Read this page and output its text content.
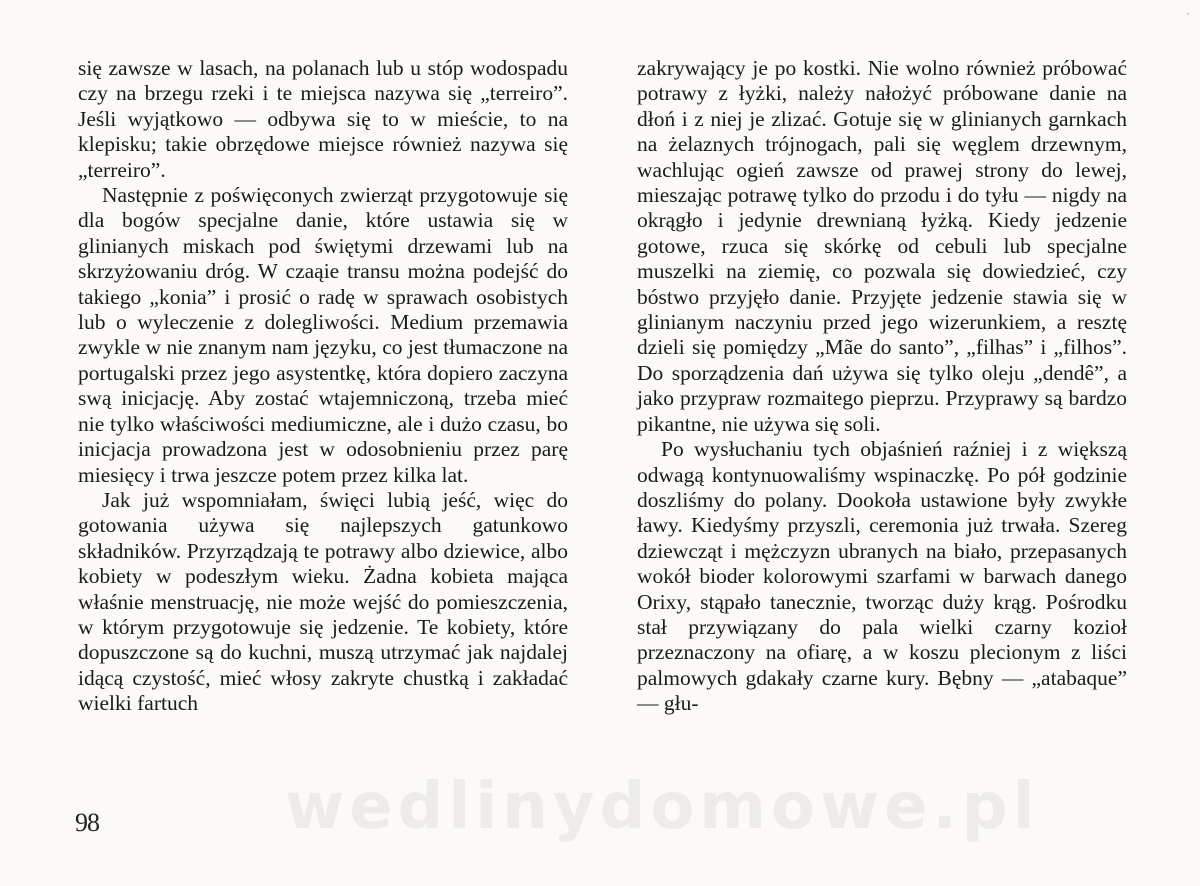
się zawsze w lasach, na polanach lub u stóp wodospadu czy na brzegu rzeki i te miejsca nazywa się „terreiro”. Jeśli wyjątkowo — odbywa się to w mieście, to na klepisku; takie obrzędowe miejsce również nazywa się „terreiro”.

Następnie z poświęconych zwierząt przygotowuje się dla bogów specjalne danie, które ustawia się w glinianych miskach pod świętymi drzewami lub na skrzyżowaniu dróg. W czaąie transu można podejść do takiego „konia” i prosić o radę w sprawach osobistych lub o wyleczenie z dolegliwości. Medium przemawia zwykle w nie znanym nam języku, co jest tłumaczone na portugalski przez jego asystentkę, która dopiero zaczyna swą inicjację. Aby zostać wtajemniczoną, trzeba mieć nie tylko właściwości mediumiczne, ale i dużo czasu, bo inicjacja prowadzona jest w odosobnieniu przez parę miesięcy i trwa jeszcze potem przez kilka lat.

Jak już wspomniałam, święci lubią jeść, więc do gotowania używa się najlepszych gatunkowo składników. Przyrządzają te potrawy albo dziewice, albo kobiety w podeszłym wieku. Żadna kobieta mająca właśnie menstruację, nie może wejść do pomieszczenia, w którym przygotowuje się jedzenie. Te kobiety, które dopuszczone są do kuchni, muszą utrzymać jak najdalej idącą czystość, mieć włosy zakryte chustką i zakładać wielki fartuch

zakrywający je po kostki. Nie wolno również próbować potrawy z łyżki, należy nałożyć próbowane danie na dłoń i z niej je zlizać. Gotuje się w glinianych garnkach na żelaznych trójnogach, pali się węglem drzewnym, wachlując ogień zawsze od prawej strony do lewej, mieszając potrawę tylko do przodu i do tyłu — nigdy na okrągło i jedynie drewnianą łyżką. Kiedy jedzenie gotowe, rzuca się skórkę od cebuli lub specjalne muszelki na ziemię, co pozwala się dowiedzieć, czy bóstwo przyjęło danie. Przyjęte jedzenie stawia się w glinianym naczyniu przed jego wizerunkiem, a resztę dzieli się pomiędzy „Mãe do santo”, „filhas” i „filhos”. Do sporządzenia dań używa się tylko oleju „dendê”, a jako przypraw rozmaitego pieprzu. Przyprawy są bardzo pikantne, nie używa się soli.

Po wysłuchaniu tych objaśnień raźniej i z większą odwagą kontynuowaliśmy wspinaczkę. Po pół godzinie doszliśmy do polany. Dookoła ustawione były zwykłe ławy. Kiedyśmy przyszli, ceremonia już trwała. Szereg dziewcząt i mężczyzn ubranych na biało, przepasanych wokół bioder kolorowymi szarfami w barwach danego Orixy, stąpało tanecznie, tworząc duży krąg. Pośrodku stał przywiązany do pala wielki czarny kozioł przeznaczony na ofiarę, a w koszu plecionym z liści palmowych gdakały czarne kury. Bębny — „atabaque” — głu-

98	wedlinydomowe.pl
·
